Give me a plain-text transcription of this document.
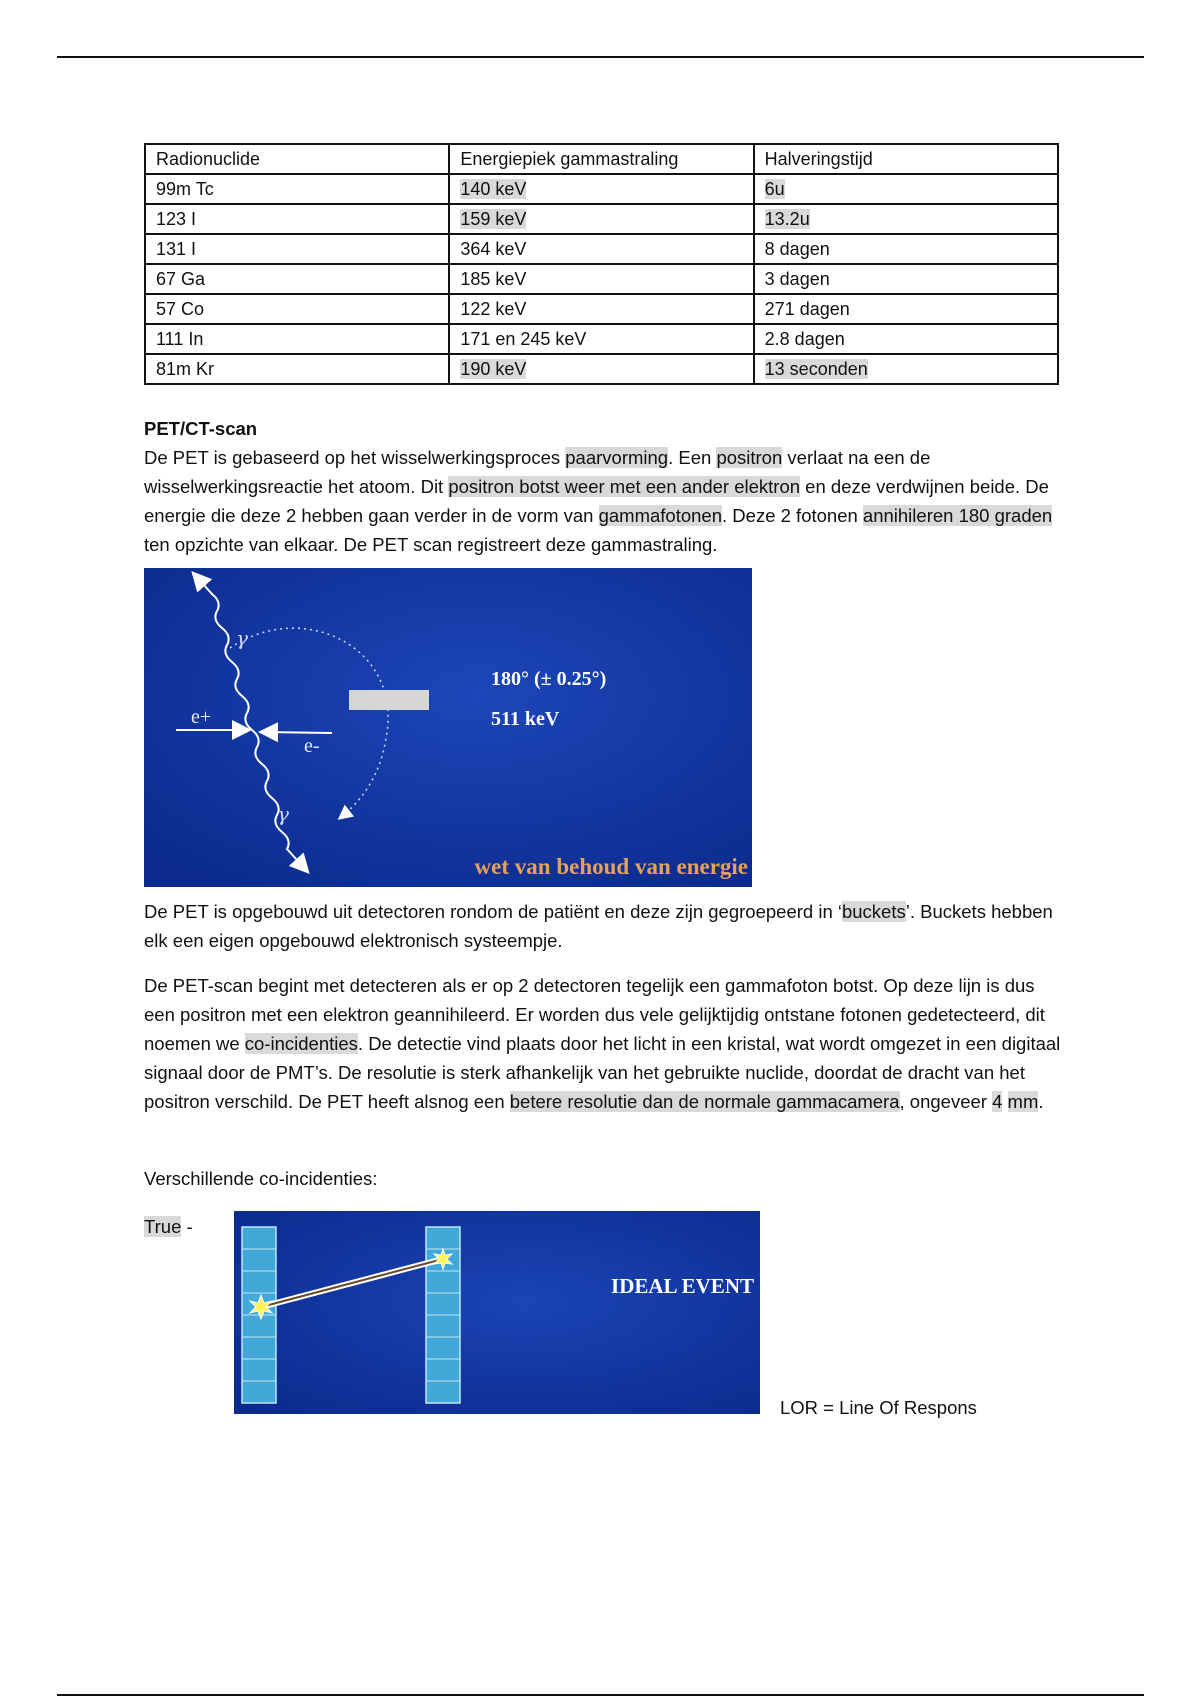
Radionuclide	Energiepiek gammastraling	Halveringstijd
99m Tc	140 keV	6u
123 I	159 keV	13.2u
131 I	364 keV	8 dagen
67 Ga	185 keV	3 dagen
57 Co	122 keV	271 dagen
111 In	171 en 245 keV	2.8 dagen
81m Kr	190 keV	13 seconden
PET/CT-scan

De PET is gebaseerd op het wisselwerkingsproces paarvorming. Een positron verlaat na een de wisselwerkingsreactie het atoom. Dit positron botst weer met een ander elektron en deze verdwijnen beide. De energie die deze 2 hebben gaan verder in de vorm van gammafotonen. Deze 2 fotonen annihileren 180 graden ten opzichte van elkaar. De PET scan registreert deze gammastraling.

γ
γ
e+
e-
180° (± 0.25°)
511 keV
wet van behoud van energie

De PET is opgebouwd uit detectoren rondom de patiënt en deze zijn gegroepeerd in ‘buckets’. Buckets hebben elk een eigen opgebouwd elektronisch systeempje.

De PET-scan begint met detecteren als er op 2 detectoren tegelijk een gammafoton botst. Op deze lijn is dus een positron met een elektron geannihileerd. Er worden dus vele gelijktijdig ontstane fotonen gedetecteerd, dit noemen we co-incidenties. De detectie vind plaats door het licht in een kristal, wat wordt omgezet in een digitaal signaal door de PMT’s. De resolutie is sterk afhankelijk van het gebruikte nuclide, doordat de dracht van het positron verschild. De PET heeft alsnog een betere resolutie dan de normale gammacamera, ongeveer 4 mm.

Verschillende co-incidenties:

True -
IDEAL EVENT
LOR = Line Of Respons
